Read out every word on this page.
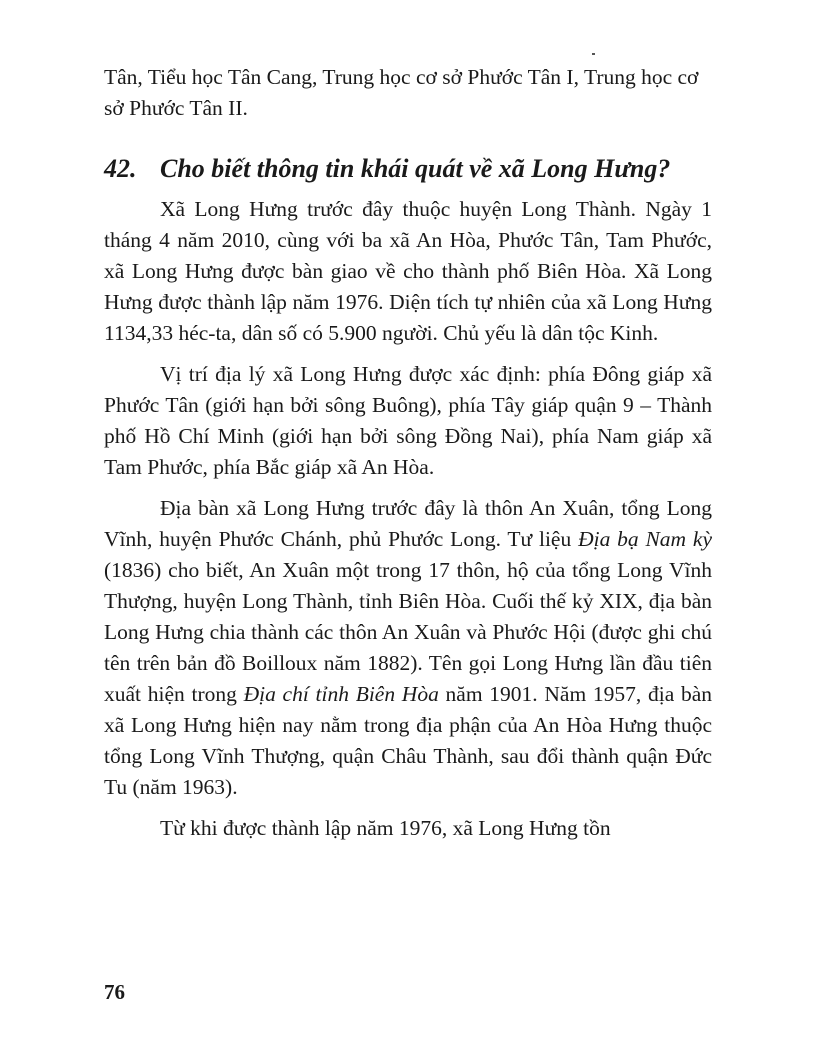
Tân, Tiểu học Tân Cang, Trung học cơ sở Phước Tân I, Trung học cơ sở Phước Tân II.

42. Cho biết thông tin khái quát về xã Long Hưng?

Xã Long Hưng trước đây thuộc huyện Long Thành. Ngày 1 tháng 4 năm 2010, cùng với ba xã An Hòa, Phước Tân, Tam Phước, xã Long Hưng được bàn giao về cho thành phố Biên Hòa. Xã Long Hưng được thành lập năm 1976. Diện tích tự nhiên của xã Long Hưng 1134,33 héc-ta, dân số có 5.900 người. Chủ yếu là dân tộc Kinh.

Vị trí địa lý xã Long Hưng được xác định: phía Đông giáp xã Phước Tân (giới hạn bởi sông Buông), phía Tây giáp quận 9 – Thành phố Hồ Chí Minh (giới hạn bởi sông Đồng Nai), phía Nam giáp xã Tam Phước, phía Bắc giáp xã An Hòa.

Địa bàn xã Long Hưng trước đây là thôn An Xuân, tổng Long Vĩnh, huyện Phước Chánh, phủ Phước Long. Tư liệu Địa bạ Nam kỳ (1836) cho biết, An Xuân một trong 17 thôn, hộ của tổng Long Vĩnh Thượng, huyện Long Thành, tỉnh Biên Hòa. Cuối thế kỷ XIX, địa bàn Long Hưng chia thành các thôn An Xuân và Phước Hội (được ghi chú tên trên bản đồ Boilloux năm 1882). Tên gọi Long Hưng lần đầu tiên xuất hiện trong Địa chí tỉnh Biên Hòa năm 1901. Năm 1957, địa bàn xã Long Hưng hiện nay nằm trong địa phận của An Hòa Hưng thuộc tổng Long Vĩnh Thượng, quận Châu Thành, sau đổi thành quận Đức Tu (năm 1963).

Từ khi được thành lập năm 1976, xã Long Hưng tồn

76
